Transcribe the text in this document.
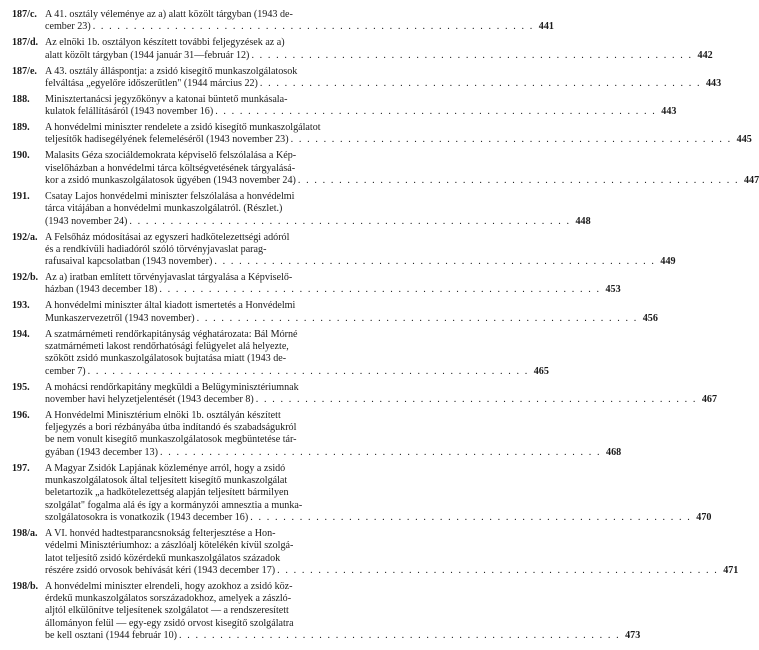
187/c. A 41. osztály véleménye az a) alatt közölt tárgyban (1943 de-
cember 23) . . . . . . . . . . . . . . . . . . . . . . . . . . . . . . . . . . . . . . . . . . . . . . . . . . . . . . 441
187/d. Az elnöki 1b. osztályon készített további feljegyzések az a)
alatt közölt tárgyban (1944 január 31—február 12) . . . . . . . . . . . . . . . . . . . . . . . . . . . . . . . . . . . . . . . . . . . . . . . . . . . . . . 442
187/e. A 43. osztály álláspontja: a zsidó kisegítő munkaszolgálatosok
felváltása „egyelőre időszerűtlen" (1944 március 22) . . . . . . . . . . . . . . . . . . . . . . . . . . . . . . . . . . . . . . . . . . . . . . . . . . . . . . 443
188.	Minisztertanácsi jegyzőkönyv a katonai büntető munkásala-
kulatok felállításáról (1943 november 16) . . . . . . . . . . . . . . . . . . . . . . . . . . . . . . . . . . . . . . . . . . . . . . . . . . . . . . 443
189.	A honvédelmi miniszter rendelete a zsidó kisegítő munkaszolgálatot
teljesítők hadisegélyének felemeléséről (1943 november 23) . . . . . . . . . . . . . . . . . . . . . . . . . . . . . . . . . . . . . . . . . . . . . . . . . . . . . . 445
190.	Malasits Géza szociáldemokrata képviselő felszólalása a Kép-
viselőházban a honvédelmi tárca költségvetésének tárgyalásá-
kor a zsidó munkaszolgálatosok ügyében (1943 november 24) . . . . . . . . . . . . . . . . . . . . . . . . . . . . . . . . . . . . . . . . . . . . . . . . . . . . . . 447
191.	Csatay Lajos honvédelmi miniszter felszólalása a honvédelmi
tárca vitájában a honvédelmi munkaszolgálatról. (Részlet.)
(1943 november 24) . . . . . . . . . . . . . . . . . . . . . . . . . . . . . . . . . . . . . . . . . . . . . . . . . . . . . . 448
192/a. A Felsőház módosításai az egyszeri hadkötelezettségi adóról
és a rendkívüli hadiadóról szóló törvényjavaslat parag-
rafusaival kapcsolatban (1943 november) . . . . . . . . . . . . . . . . . . . . . . . . . . . . . . . . . . . . . . . . . . . . . . . . . . . . . . 449
192/b. Az a) iratban említett törvényjavaslat tárgyalása a Képviselő-
házban (1943 december 18) . . . . . . . . . . . . . . . . . . . . . . . . . . . . . . . . . . . . . . . . . . . . . . . . . . . . . . 453
193.	A honvédelmi miniszter által kiadott ismertetés a Honvédelmi
Munkaszervezetről (1943 november) . . . . . . . . . . . . . . . . . . . . . . . . . . . . . . . . . . . . . . . . . . . . . . . . . . . . . . 456
194.	A szatmárnémeti rendőrkapitányság véghatározata: Bál Mórné
szatmárnémeti lakost rendőrhatósági felügyelet alá helyezte,
szökött zsidó munkaszolgálatosok bujtatása miatt (1943 de-
cember 7) . . . . . . . . . . . . . . . . . . . . . . . . . . . . . . . . . . . . . . . . . . . . . . . . . . . . . . 465
195.	A mohácsi rendőrkapitány megküldi a Belügyminisztériumnak
november havi helyzetjelentését (1943 december 8) . . . . . . . . . . . . . . . . . . . . . . . . . . . . . . . . . . . . . . . . . . . . . . . . . . . . . . 467
196.	A Honvédelmi Minisztérium elnöki 1b. osztályán készített
feljegyzés a bori rézbányába útba indítandó és szabadságukról
be nem vonult kisegítő munkaszolgálatosok megbüntetése tár-
gyában (1943 december 13) . . . . . . . . . . . . . . . . . . . . . . . . . . . . . . . . . . . . . . . . . . . . . . . . . . . . . . 468
197.	A Magyar Zsidók Lapjának közleménye arról, hogy a zsidó
munkaszolgálatosok által teljesített kisegítő munkaszolgálat
beletartozik „a hadkötelezettség alapján teljesített bármilyen
szolgálat" fogalma alá és így a kormányzói amnesztia a munka-
szolgálatosokra is vonatkozik (1943 december 16) . . . . . . . . . . . . . . . . . . . . . . . . . . . . . . . . . . . . . . . . . . . . . . . . . . . . . . 470
198/a. A VI. honvéd hadtestparancsnokság felterjesztése a Hon-
védelmi Minisztériumhoz: a zászlóalj kötelékén kívül szolgá-
latot teljesítő zsidó közérdekű munkaszolgálatos századok
részére zsidó orvosok behívását kéri (1943 december 17) . . . . . . . . . . . . . . . . . . . . . . . . . . . . . . . . . . . . . . . . . . . . . . . . . . . . . . 471
198/b. A honvédelmi miniszter elrendeli, hogy azokhoz a zsidó köz-
érdekű munkaszolgálatos sorszázadokhoz, amelyek a zászló-
aljtól elkülönítve teljesítenek szolgálatot — a rendszeresített
állományon felül — egy-egy zsidó orvost kisegítő szolgálatra
be kell osztani (1944 február 10) . . . . . . . . . . . . . . . . . . . . . . . . . . . . . . . . . . . . . . . . . . . . . . . . . . . . . . 473
